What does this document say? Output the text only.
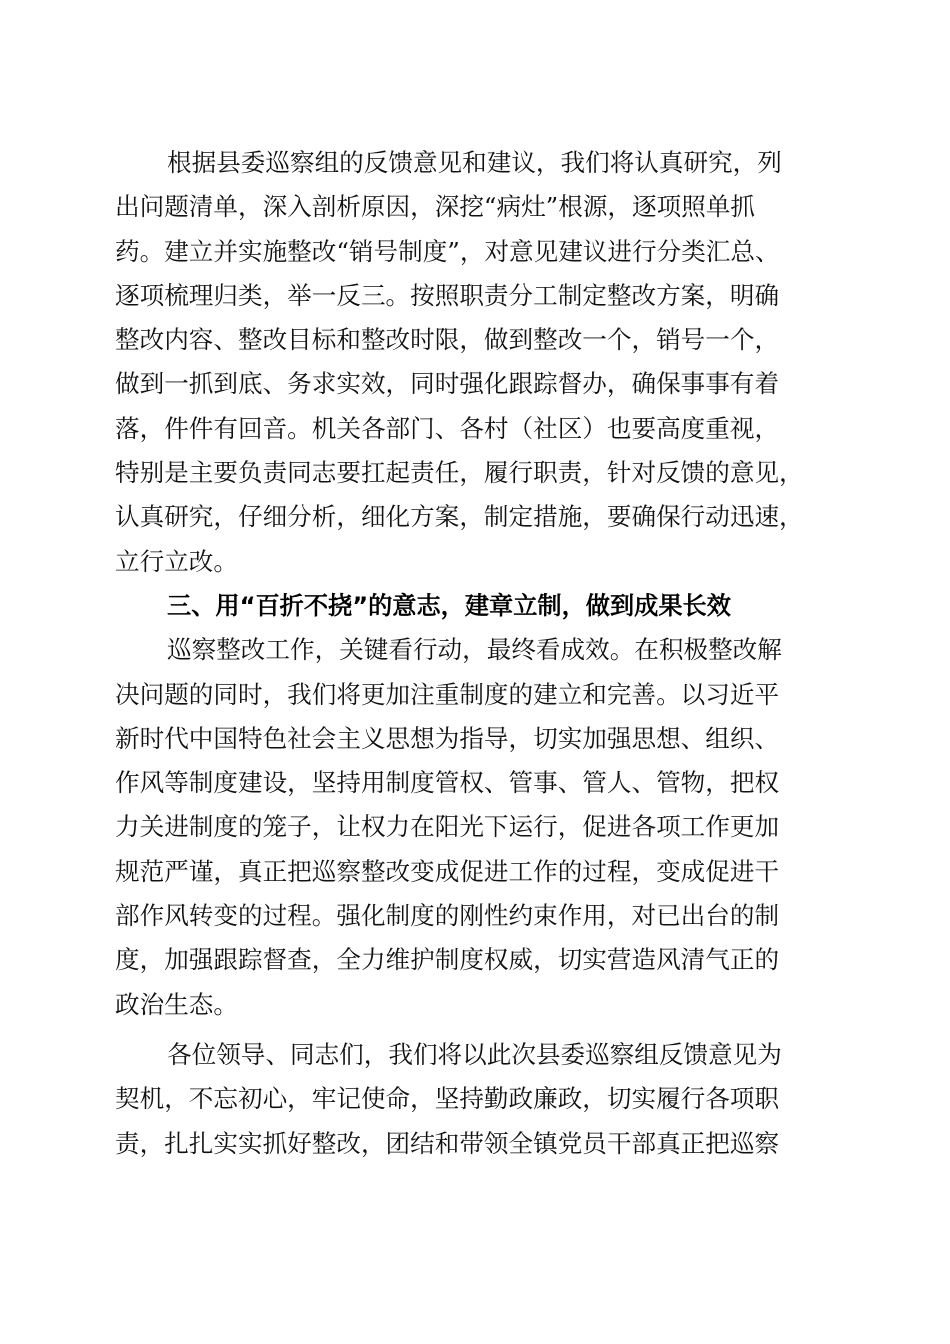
根据县委巡察组的反馈意见和建议，我们将认真研究，列
出问题清单，深入剖析原因，深挖“病灶”根源，逐项照单抓
药。建立并实施整改“销号制度”，对意见建议进行分类汇总、
逐项梳理归类，举一反三。按照职责分工制定整改方案，明确
整改内容、整改目标和整改时限，做到整改一个，销号一个，
做到一抓到底、务求实效，同时强化跟踪督办，确保事事有着
落，件件有回音。机关各部门、各村（社区）也要高度重视，
特别是主要负责同志要扛起责任，履行职责，针对反馈的意见，
认真研究，仔细分析，细化方案，制定措施，要确保行动迅速，
立行立改。
三、用“百折不挠”的意志，建章立制，做到成果长效
巡察整改工作，关键看行动，最终看成效。在积极整改解
决问题的同时，我们将更加注重制度的建立和完善。以习近平
新时代中国特色社会主义思想为指导，切实加强思想、组织、
作风等制度建设，坚持用制度管权、管事、管人、管物，把权
力关进制度的笼子，让权力在阳光下运行，促进各项工作更加
规范严谨，真正把巡察整改变成促进工作的过程，变成促进干
部作风转变的过程。强化制度的刚性约束作用，对已出台的制
度，加强跟踪督查，全力维护制度权威，切实营造风清气正的
政治生态。
各位领导、同志们，我们将以此次县委巡察组反馈意见为
契机，不忘初心，牢记使命，坚持勤政廉政，切实履行各项职
责，扎扎实实抓好整改，团结和带领全镇党员干部真正把巡察
